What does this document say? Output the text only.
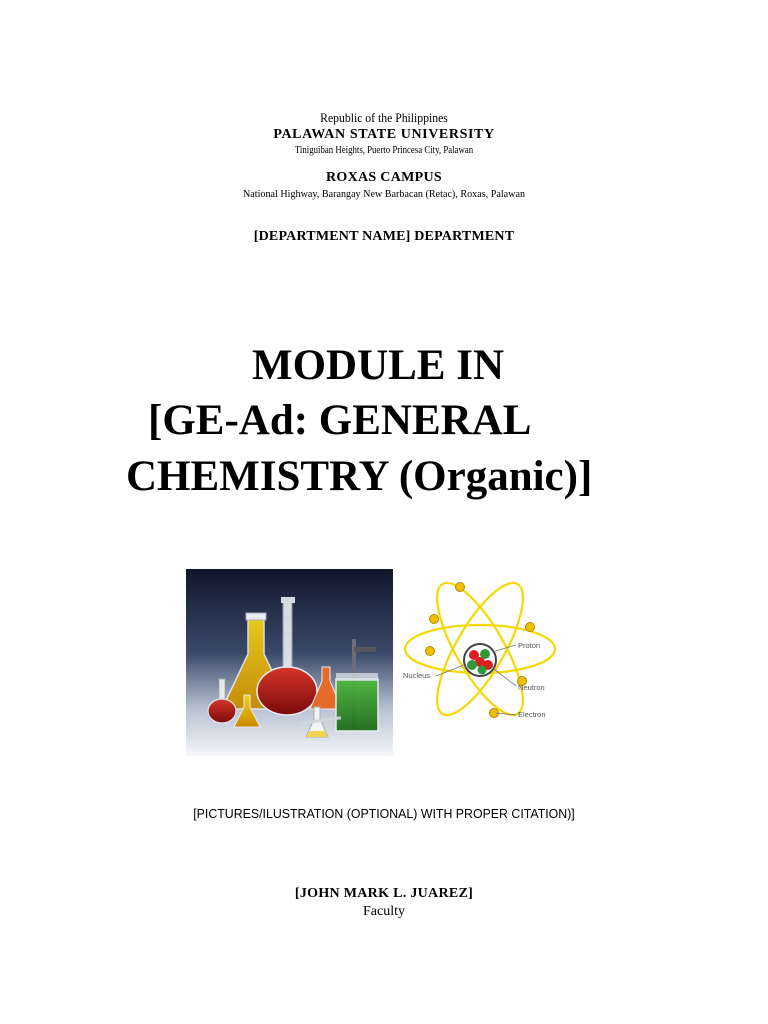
Republic of the Philippines
PALAWAN STATE UNIVERSITY
Tiniguiban Heights, Puerto Princesa City, Palawan
ROXAS CAMPUS
National Highway, Barangay New Barbacan (Retac), Roxas, Palawan
[DEPARTMENT NAME] DEPARTMENT
MODULE IN
[GE-Ad: GENERAL
CHEMISTRY (Organic)]
Proton
Nucleus
Neutron
Electron
[PICTURES/ILUSTRATION (OPTIONAL) WITH PROPER CITATION)]
[JOHN MARK L. JUAREZ]
Faculty
